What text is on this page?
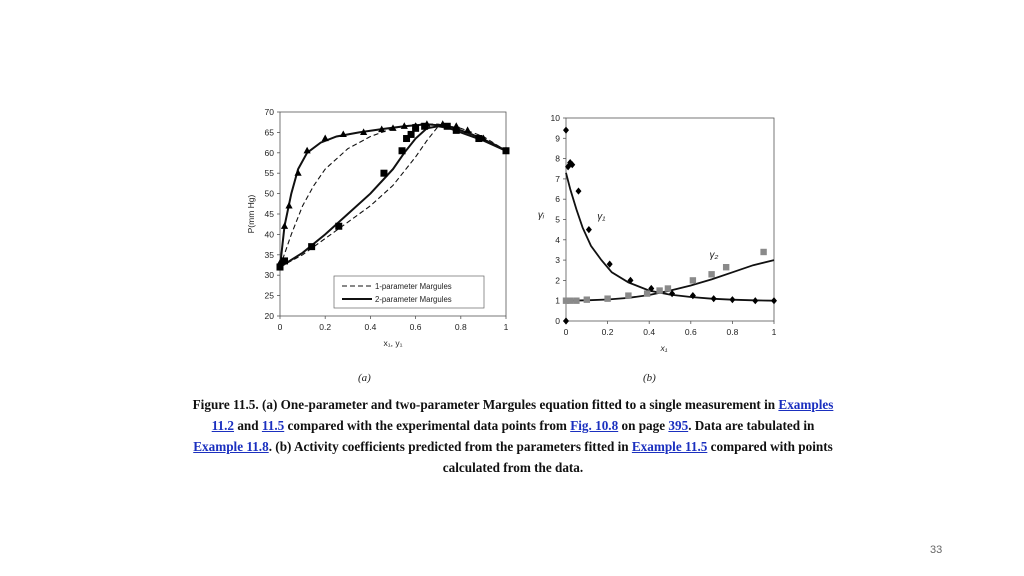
0	0.2	0.4	0.6	0.8	1
20
25
30
35
40
45
50
55
60
65
70
x₁, y₁
P(mm Hg)
1-parameter Margules
2-parameter Margules
(a)
0	0.2	0.4	0.6	0.8	1
0
1
2
3
4
5
6
7
8
9
10
x₁
γᵢ	γ₁
γ₂
(b)
Figure 11.5. (a) One-parameter and two-parameter Margules equation fitted to a single measurement in Examples 11.2 and 11.5 compared with the experimental data points from Fig. 10.8 on page 395. Data are tabulated in Example 11.8. (b) Activity coefficients predicted from the parameters fitted in Example 11.5 compared with points calculated from the data.
33
